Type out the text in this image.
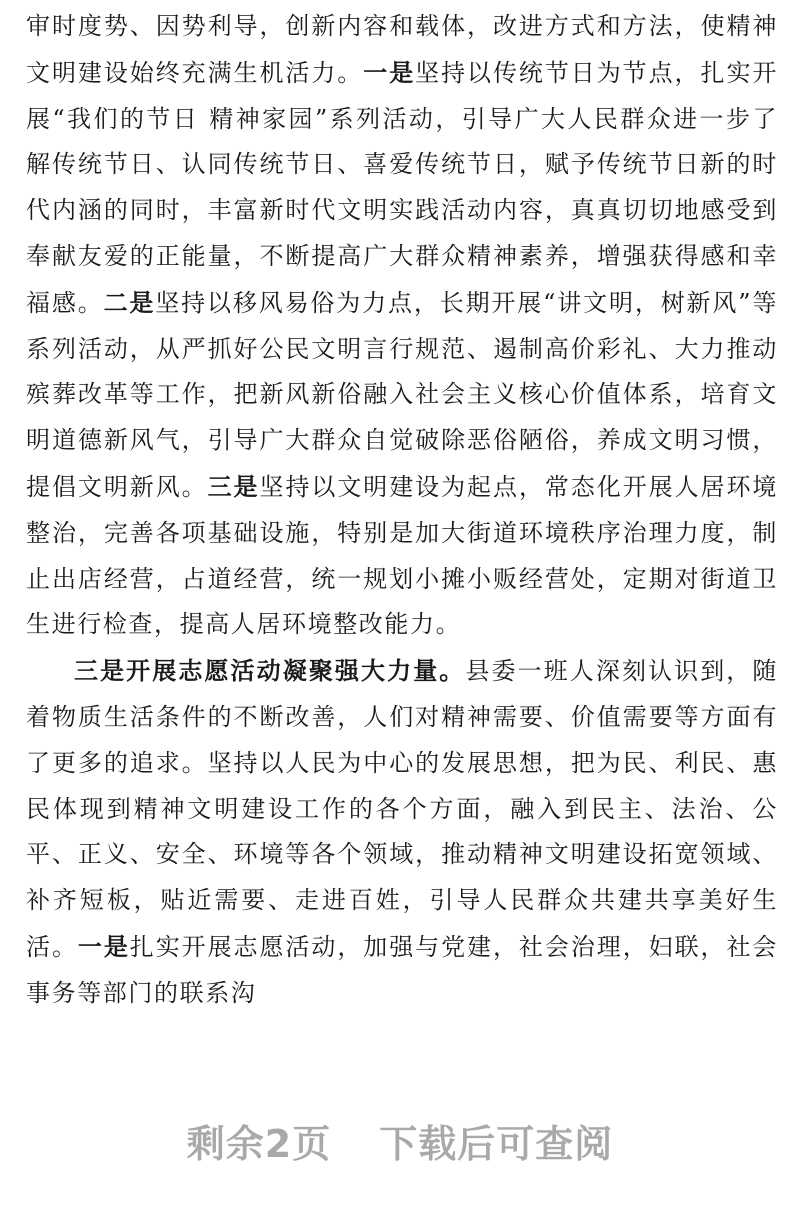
审时度势、因势利导，创新内容和载体，改进方式和方法，使精神文明建设始终充满生机活力。一是坚持以传统节日为节点，扎实开展“我们的节日 精神家园”系列活动，引导广大人民群众进一步了解传统节日、认同传统节日、喜爱传统节日，赋予传统节日新的时代内涵的同时，丰富新时代文明实践活动内容，真真切切地感受到奉献友爱的正能量，不断提高广大群众精神素养，增强获得感和幸福感。二是坚持以移风易俗为力点，长期开展“讲文明，树新风”等系列活动，从严抓好公民文明言行规范、遏制高价彩礼、大力推动殡葬改革等工作，把新风新俗融入社会主义核心价值体系，培育文明道德新风气，引导广大群众自觉破除恶俗陋俗，养成文明习惯，提倡文明新风。三是坚持以文明建设为起点，常态化开展人居环境整治，完善各项基础设施，特别是加大街道环境秩序治理力度，制止出店经营，占道经营，统一规划小摊小贩经营处，定期对街道卫生进行检查，提高人居环境整改能力。

三是开展志愿活动凝聚强大力量。县委一班人深刻认识到，随着物质生活条件的不断改善，人们对精神需要、价值需要等方面有了更多的追求。坚持以人民为中心的发展思想，把为民、利民、惠民体现到精神文明建设工作的各个方面，融入到民主、法治、公平、正义、安全、环境等各个领域，推动精神文明建设拓宽领域、补齐短板，贴近需要、走进百姓，引导人民群众共建共享美好生活。一是扎实开展志愿活动，加强与党建，社会治理，妇联，社会事务等部门的联系沟

剩余2页 下载后可查阅
